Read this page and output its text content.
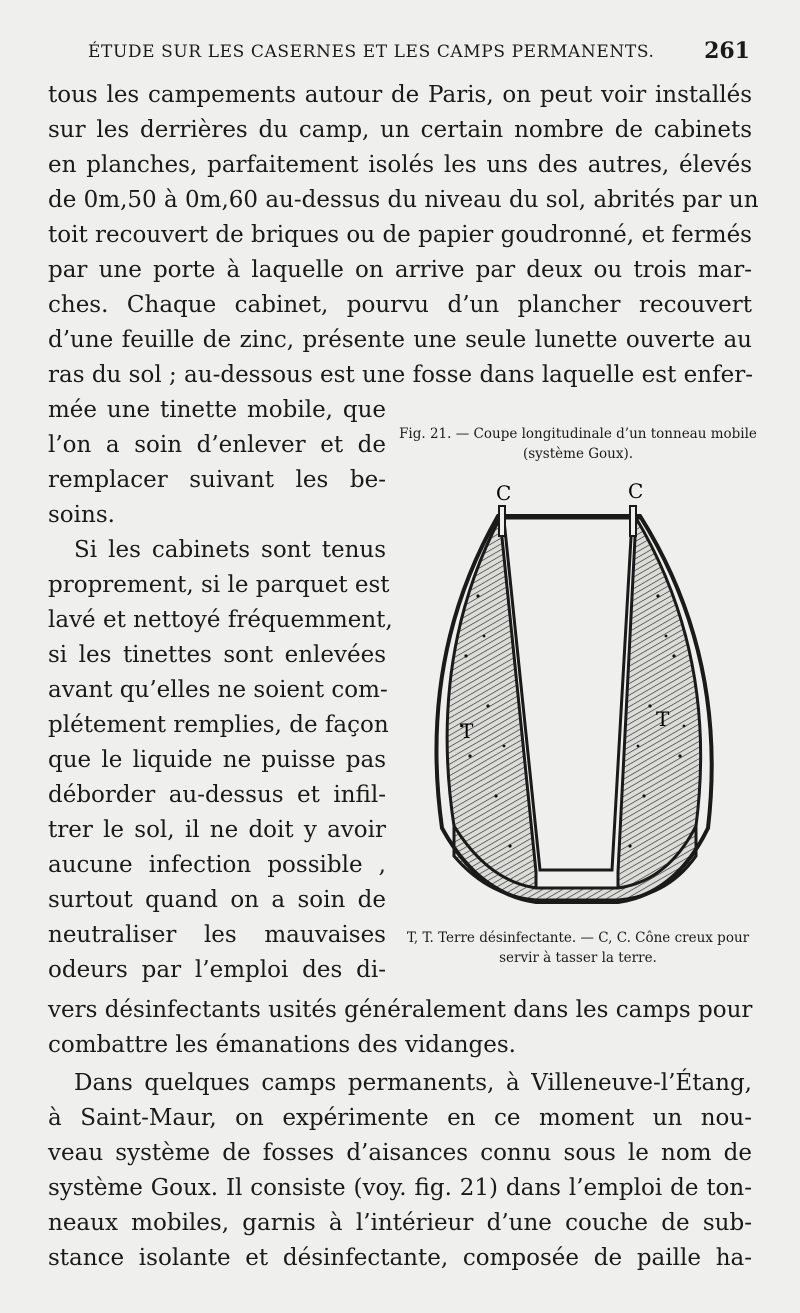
ÉTUDE SUR LES CASERNES ET LES CAMPS PERMANENTS. 261
tous les campements autour de Paris, on peut voir installés
sur les derrières du camp, un certain nombre de cabinets
en planches, parfaitement isolés les uns des autres, élevés
de 0m,50 à 0m,60 au-dessus du niveau du sol, abrités par un
toit recouvert de briques ou de papier goudronné, et fermés
par une porte à laquelle on arrive par deux ou trois mar-
ches. Chaque cabinet, pourvu d’un plancher recouvert
d’une feuille de zinc, présente une seule lunette ouverte au
ras du sol ; au-dessous est une fosse dans laquelle est enfer-
mée une tinette mobile, que
l’on a soin d’enlever et de
remplacer suivant les be-
soins.
Si les cabinets sont tenus
proprement, si le parquet est
lavé et nettoyé fréquemment,
si les tinettes sont enlevées
avant qu’elles ne soient com-
plétement remplies, de façon
que le liquide ne puisse pas
déborder au-dessus et infil-
trer le sol, il ne doit y avoir
aucune infection possible ,
surtout quand on a soin de
neutraliser les mauvaises
odeurs par l’emploi des di-
vers désinfectants usités généralement dans les camps pour
combattre les émanations des vidanges.
Dans quelques camps permanents, à Villeneuve-l’Étang,
à Saint-Maur, on expérimente en ce moment un nou-
veau système de fosses d’aisances connu sous le nom de
système Goux. Il consiste (voy. fig. 21) dans l’emploi de ton-
neaux mobiles, garnis à l’intérieur d’une couche de sub-
stance isolante et désinfectante, composée de paille ha-
Fig. 21. — Coupe longitudinale d’un tonneau mobile (système Goux).
C	C
T	T
T, T. Terre désinfectante. — C, C. Cône creux pour servir à tasser la terre.
